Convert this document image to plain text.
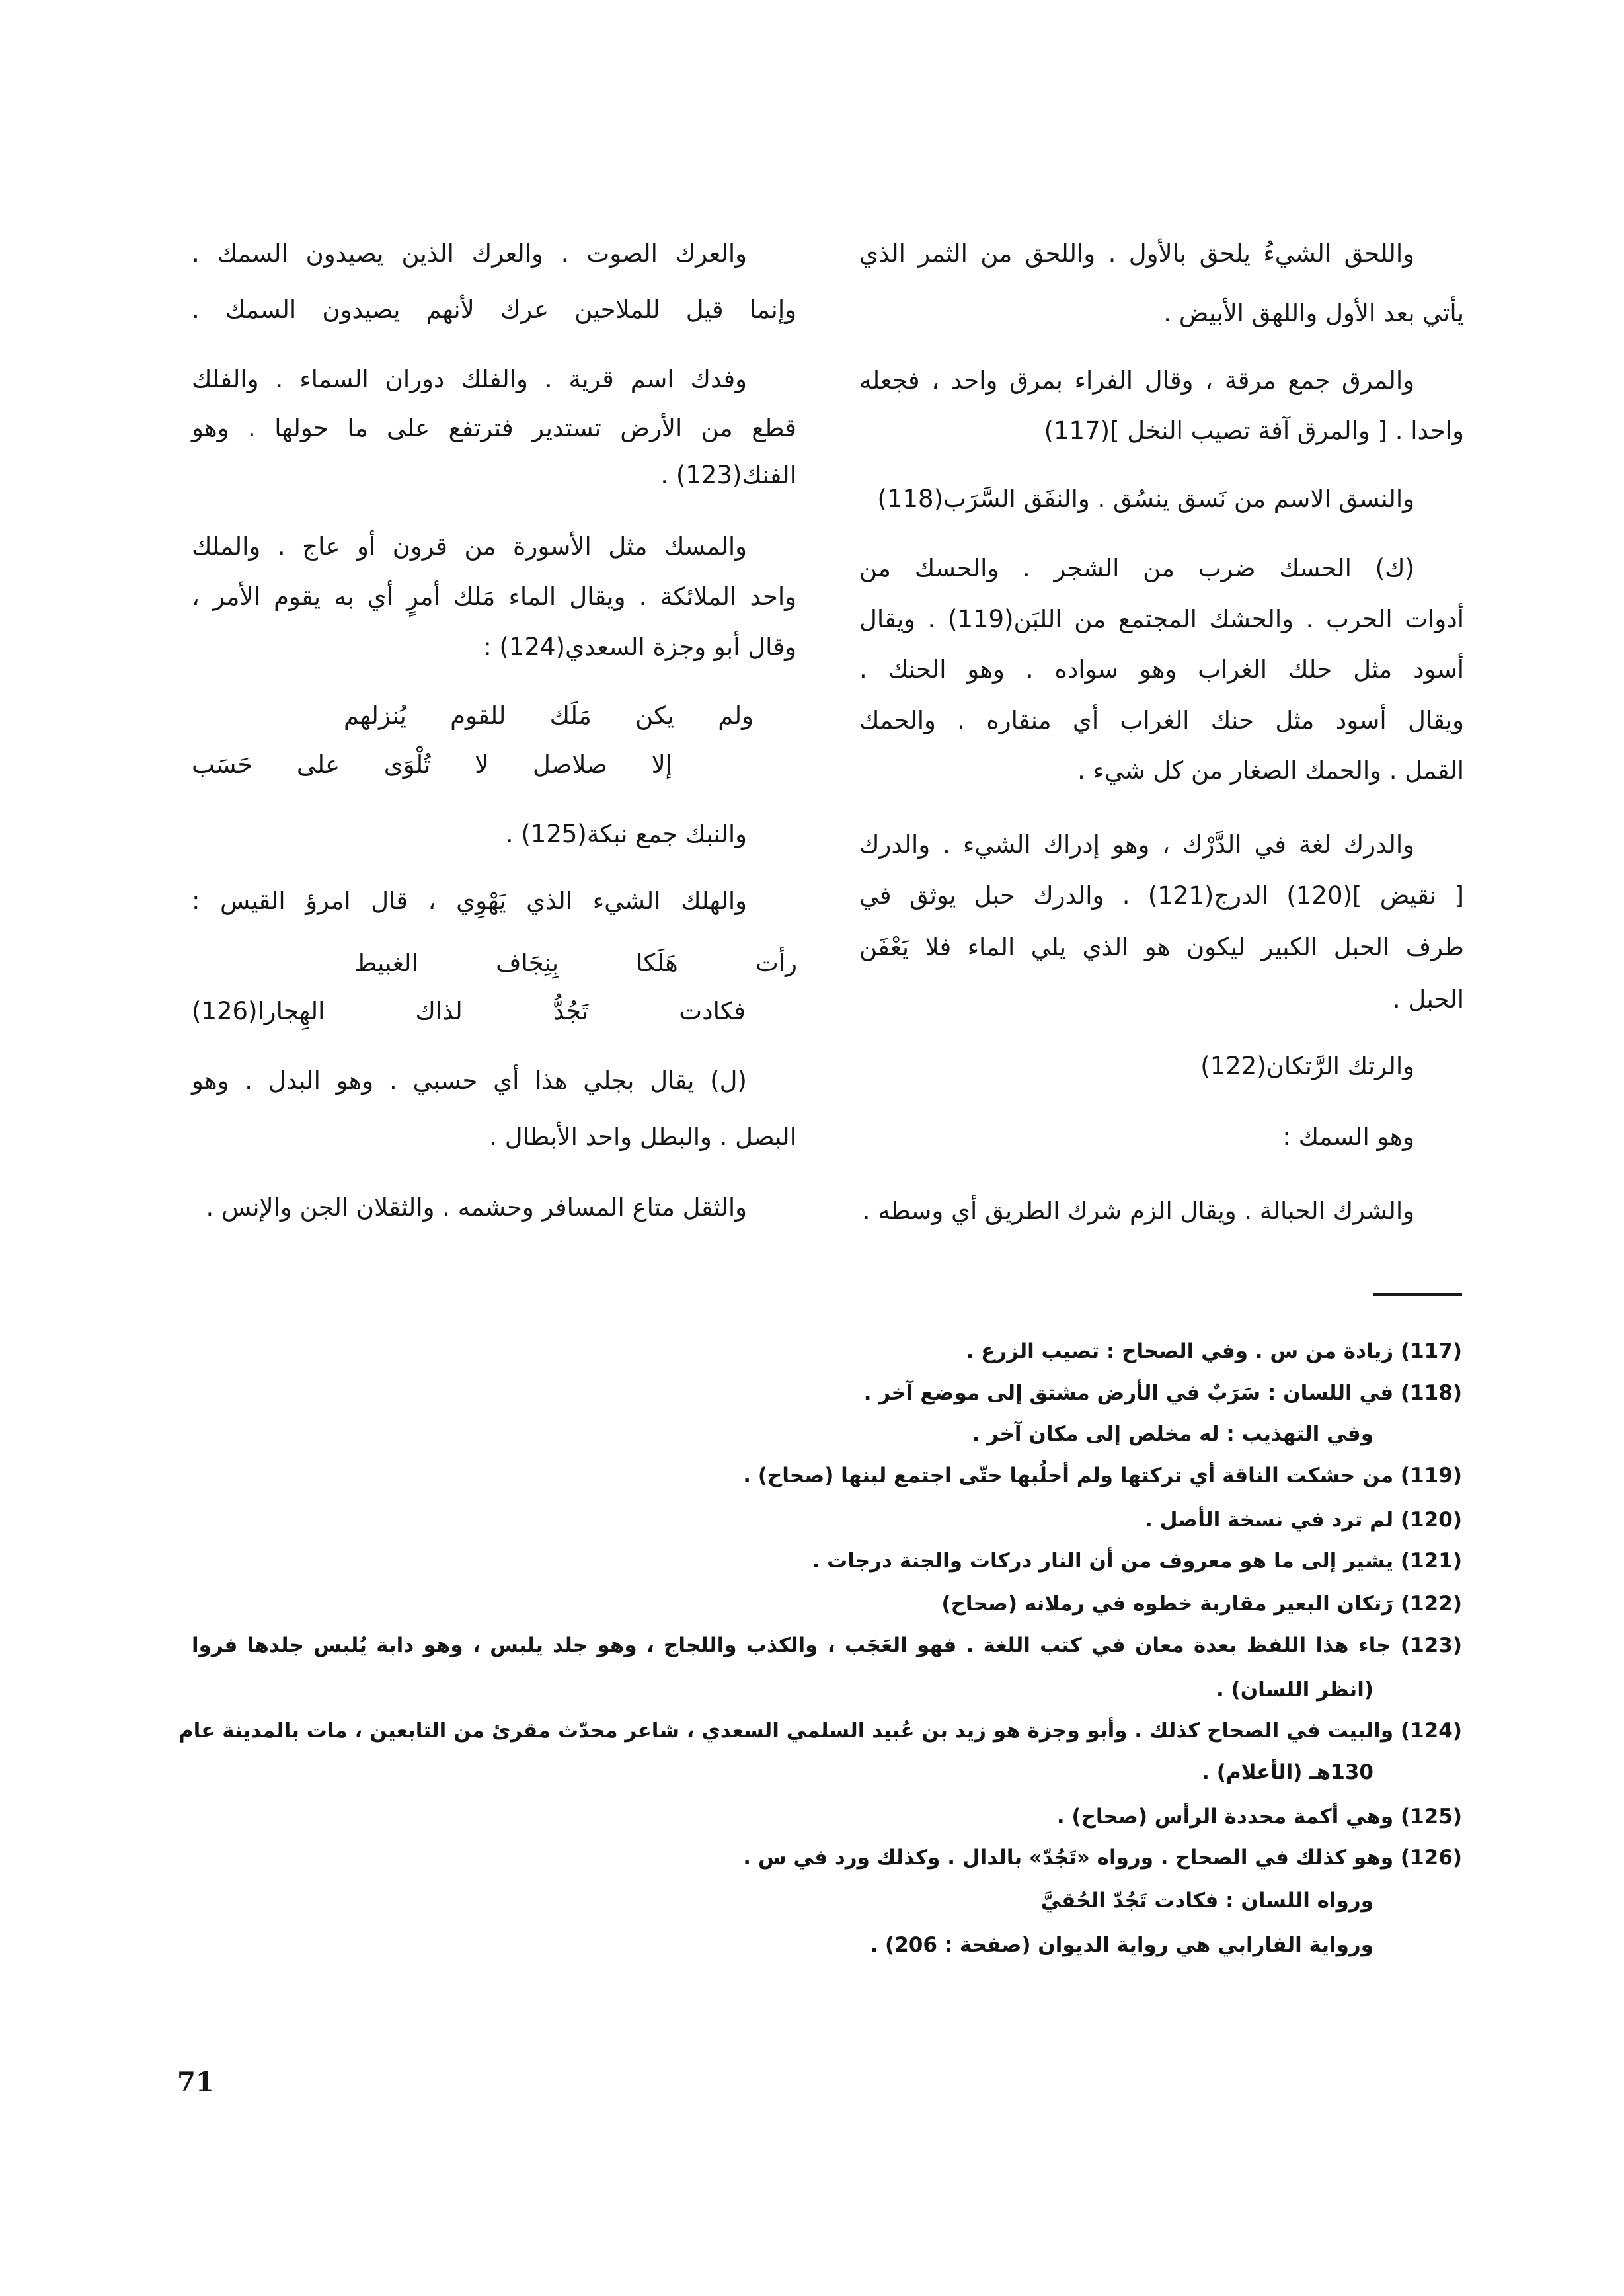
واللحق الشيءُ يلحق بالأول . واللحق من الثمر الذي
يأتي بعد الأول واللهق الأبيض .
والمرق جمع مرقة ، وقال الفراء بمرق واحد ، فجعله
واحدا . [ والمرق آفة تصيب النخل ](117)
والنسق الاسم من نَسق ينسُق . والنفَق السَّرَب(118)
(ك) الحسك ضرب من الشجر . والحسك من
أدوات الحرب . والحشك المجتمع من اللبَن(119) . ويقال
أسود مثل حلك الغراب وهو سواده . وهو الحنك .
ويقال أسود مثل حنك الغراب أي منقاره . والحمك
القمل . والحمك الصغار من كل شيء .
والدرك لغة في الدَّرْك ، وهو إدراك الشيء . والدرك
[ نقيض ](120) الدرج(121) . والدرك حبل يوثق في
طرف الحبل الكبير ليكون هو الذي يلي الماء فلا يَعْفَن
الحبل .
والرتك الرَّتكان(122)
وهو السمك :
والشرك الحبالة . ويقال الزم شرك الطريق أي وسطه .
والعرك الصوت . والعرك الذين يصيدون السمك .
وإنما قيل للملاحين عرك لأنهم يصيدون السمك .
وفدك اسم قرية . والفلك دوران السماء . والفلك
قطع من الأرض تستدير فترتفع على ما حولها . وهو
الفنك(123) .
والمسك مثل الأسورة من قرون أو عاج . والملك
واحد الملائكة . ويقال الماء مَلك أمرٍ أي به يقوم الأمر ،
وقال أبو وجزة السعدي(124) :
ولم يكن مَلَك للقوم يُنزلهم
إلا صلاصل لا تُلْوَى على حَسَب
والنبك جمع نبكة(125) .
والهلك الشيء الذي يَهْوِي ، قال امرؤ القيس :
رأت هَلَكا بِنِجَاف الغبيط
فكادت تَجُدُّ لذاك الهِجارا(126)
(ل) يقال بجلي هذا أي حسبي . وهو البدل . وهو
البصل . والبطل واحد الأبطال .
والثقل متاع المسافر وحشمه . والثقلان الجن والإنس .
(117) زيادة من س . وفي الصحاح : تصيب الزرع .
(118) في اللسان : سَرَبٌ في الأرض مشتق إلى موضع آخر .
وفي التهذيب : له مخلص إلى مكان آخر .
(119) من حشكت الناقة أي تركتها ولم أحلُبها حتّى اجتمع لبنها (صحاح) .
(120) لم ترد في نسخة الأصل .
(121) يشير إلى ما هو معروف من أن النار دركات والجنة درجات .
(122) رَتكان البعير مقاربة خطوه في رملانه (صحاح)
(123) جاء هذا اللفظ بعدة معان في كتب اللغة . فهو العَجَب ، والكذب واللجاج ، وهو جلد يلبس ، وهو دابة يُلبس جلدها فروا
(انظر اللسان) .
(124) والبيت في الصحاح كذلك . وأبو وجزة هو زيد بن عُبيد السلمي السعدي ، شاعر محدّث مقرئ من التابعين ، مات بالمدينة عام
130هـ (الأعلام) .
(125) وهي أكمة محددة الرأس (صحاح) .
(126) وهو كذلك في الصحاح . ورواه «تَجُدّ» بالدال . وكذلك ورد في س .
ورواه اللسان : فكادت تَجُدّ الحُقيَّ
ورواية الفارابي هي رواية الديوان (صفحة : 206) .
71
